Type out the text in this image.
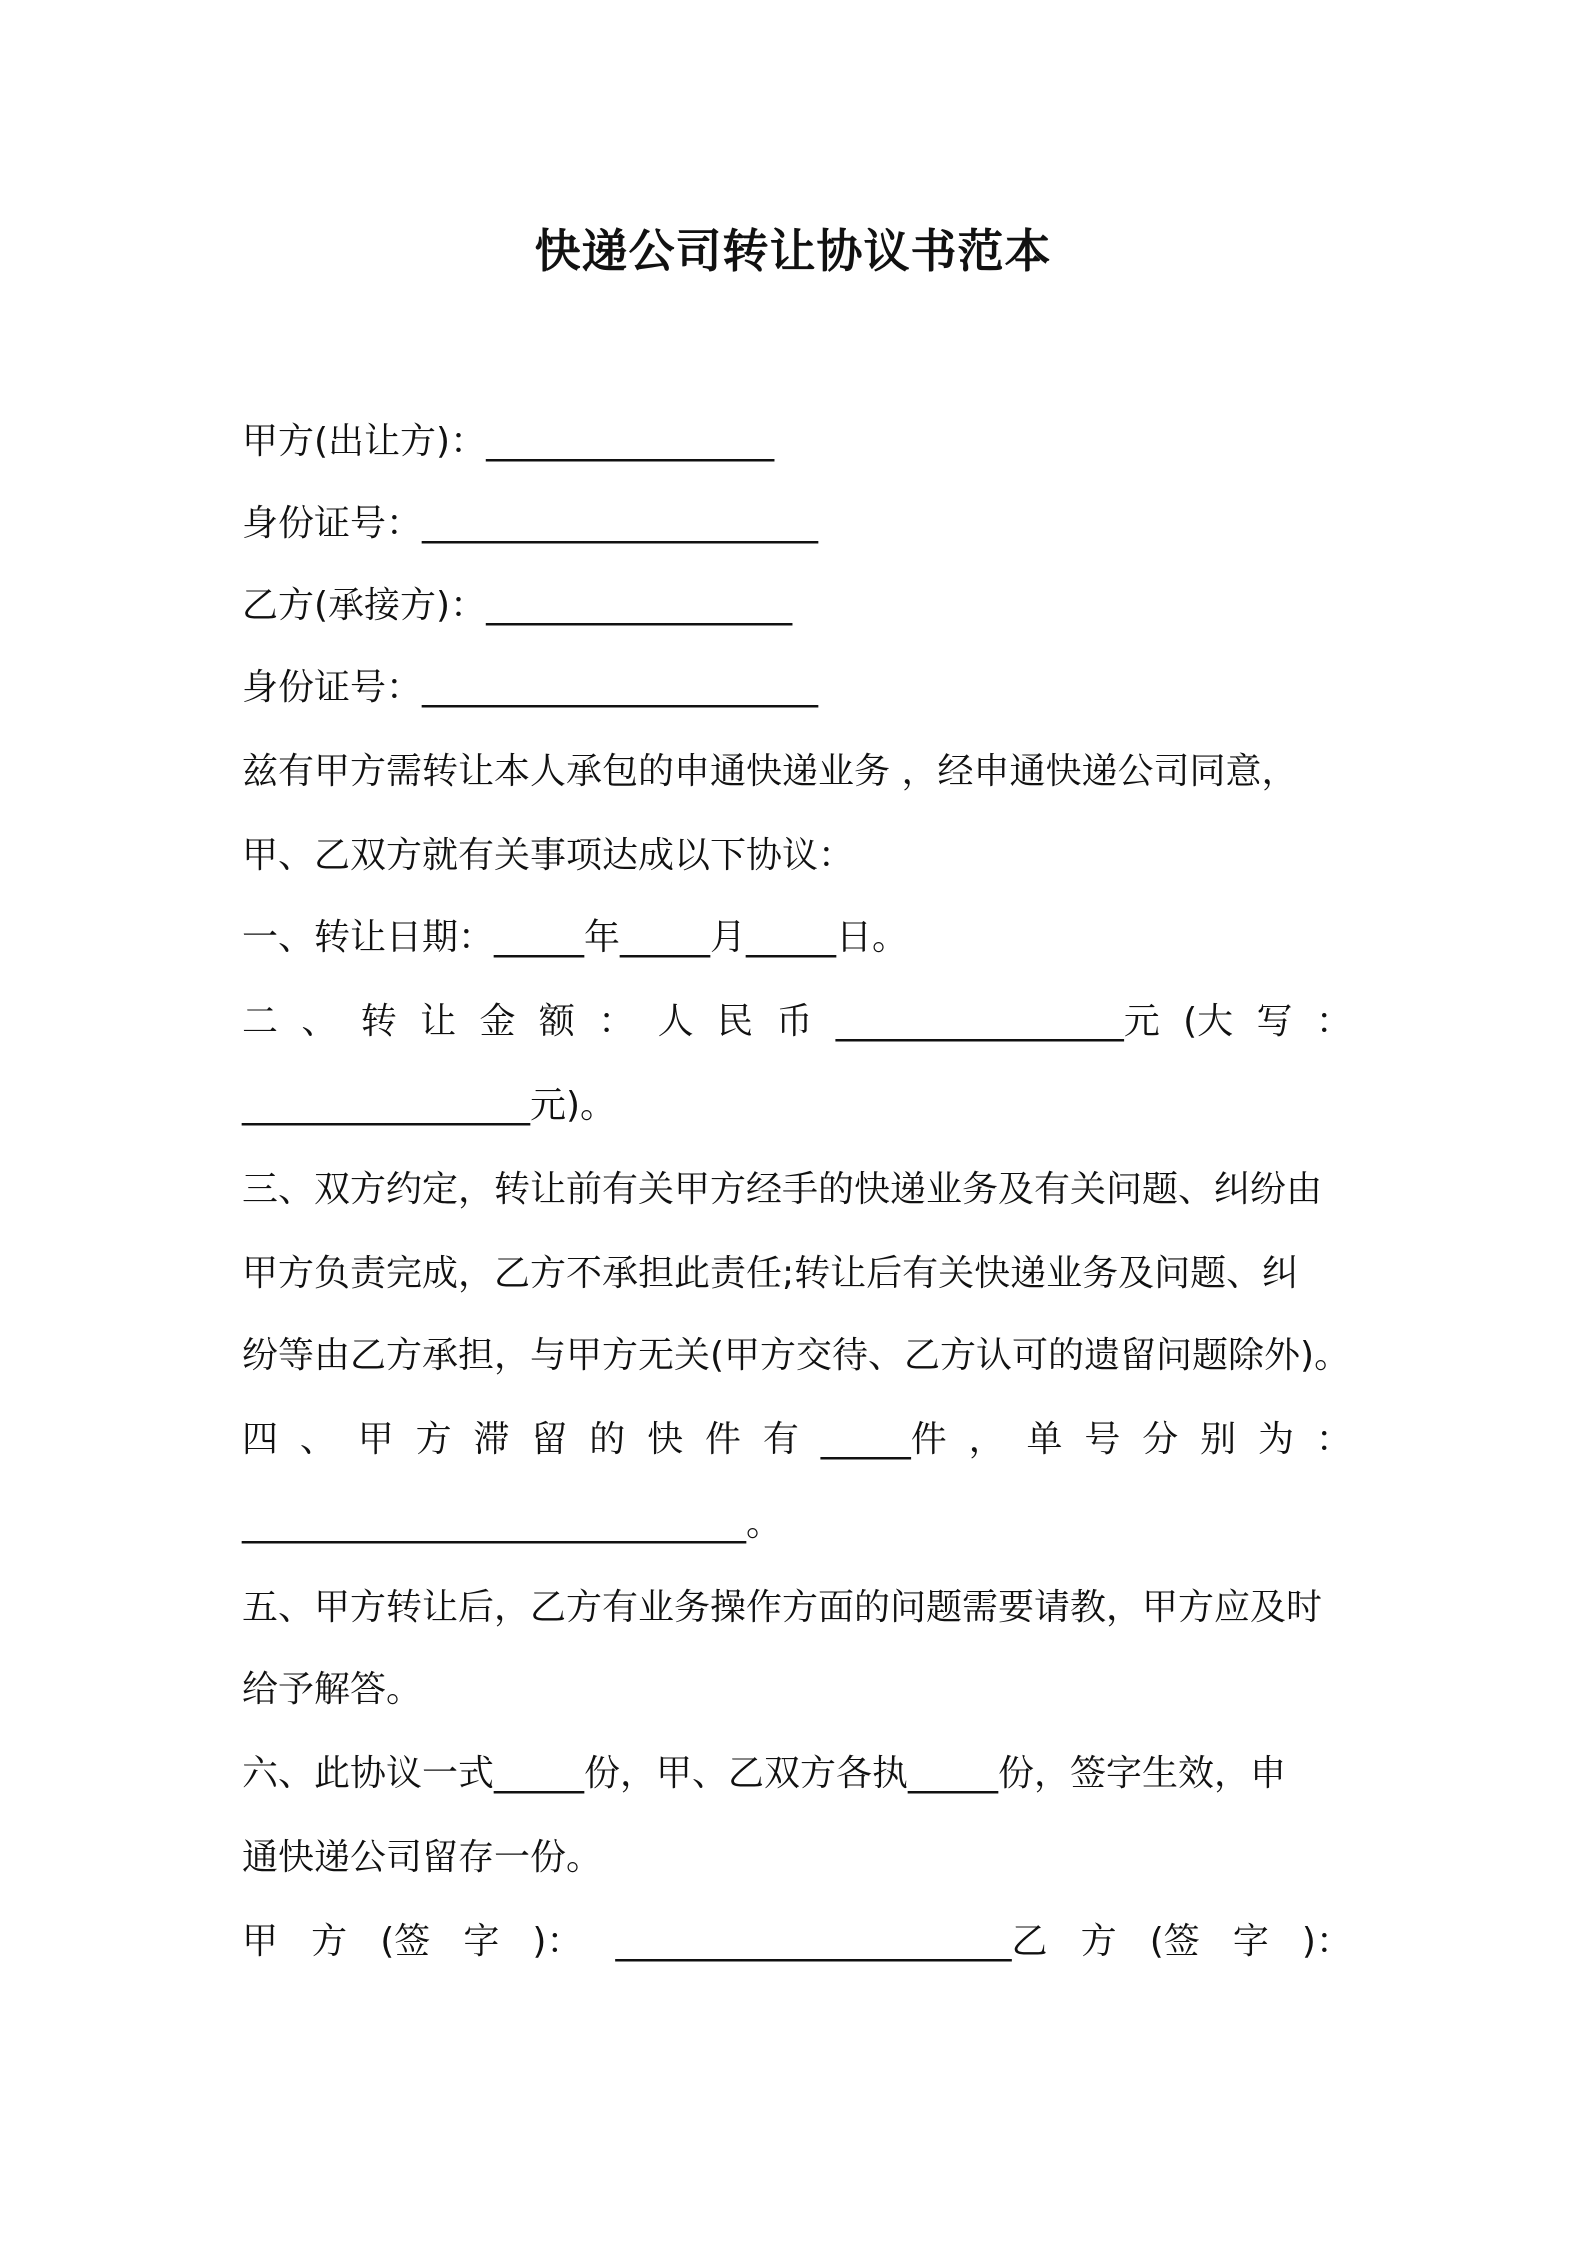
快递公司转让协议书范本
甲方(出让方)：________________
身份证号：______________________
乙方(承接方)：_________________
身份证号：______________________
兹有甲方需转让本人承包的申通快递业务 ，经申通快递公司同意，
甲、乙双方就有关事项达成以下协议：
一、转让日期：_____年_____月_____日。
二 、 转 让 金 额 ： 人 民 币 ________________元 (大 写 ：
________________元)。
三、双方约定，转让前有关甲方经手的快递业务及有关问题、纠纷由
甲方负责完成，乙方不承担此责任;转让后有关快递业务及问题、纠
纷等由乙方承担，与甲方无关(甲方交待、乙方认可的遗留问题除外)。
四 、 甲 方 滞 留 的 快 件 有 _____件 ， 单 号 分 别 为 ：
____________________________。
五、甲方转让后，乙方有业务操作方面的问题需要请教，甲方应及时
给予解答。
六、此协议一式_____份，甲、乙双方各执_____份，签字生效，申
通快递公司留存一份。
甲 方 (签 字 )： ______________________乙 方 (签 字 )：
